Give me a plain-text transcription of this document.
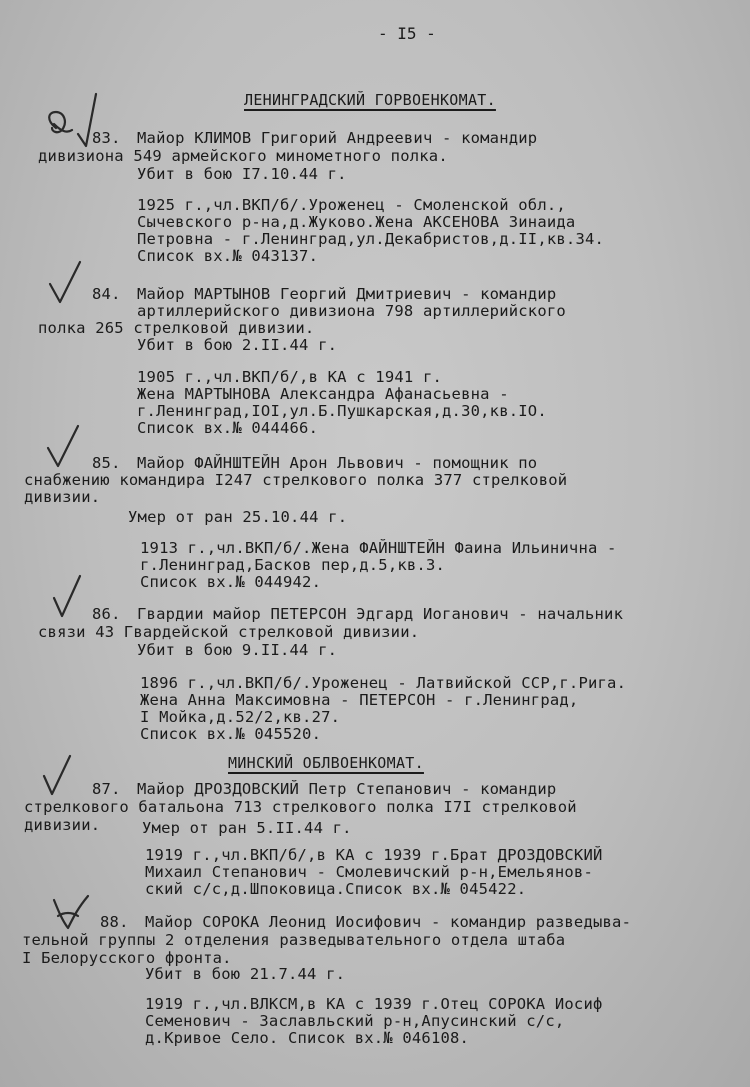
- I5 -
ЛЕНИНГРАДСКИЙ ГОРВОЕНКОМАТ.
83. Майор КЛИМОВ Григорий Андреевич - командир
дивизиона 549 армейского минометного полка.
Убит в бою I7.10.44 г.
1925 г.,чл.ВКП/б/.Уроженец - Смоленской обл.,
Сычевского р-на,д.Жуково.Жена АКСЕНОВА Зинаида
Петровна - г.Ленинград,ул.Декабристов,д.II,кв.34.
Список вх.№ 043137.
84. Майор МАРТЫНОВ Георгий Дмитриевич - командир
артиллерийского дивизиона 798 артиллерийского
полка 265 стрелковой дивизии.
Убит в бою 2.II.44 г.
1905 г.,чл.ВКП/б/,в КА с 1941 г.
Жена МАРТЫНОВА Александра Афанасьевна -
г.Ленинград,IOI,ул.Б.Пушкарская,д.30,кв.IO.
Список вх.№ 044466.
85. Майор ФАЙНШТЕЙН Арон Львович - помощник по
снабжению командира I247 стрелкового полка 377 стрелковой
дивизии.
Умер от ран 25.10.44 г.
1913 г.,чл.ВКП/б/.Жена ФАЙНШТЕЙН Фаина Ильинична -
г.Ленинград,Басков пер,д.5,кв.3.
Список вх.№ 044942.
86. Гвардии майор ПЕТЕРСОН Эдгард Иоганович - начальник
связи 43 Гвардейской стрелковой дивизии.
Убит в бою 9.II.44 г.
1896 г.,чл.ВКП/б/.Уроженец - Латвийской ССР,г.Рига.
Жена Анна Максимовна - ПЕТЕРСОН - г.Ленинград,
I Мойка,д.52/2,кв.27.
Список вх.№ 045520.
МИНСКИЙ ОБЛВОЕНКОМАТ.
87. Майор ДРОЗДОВСКИЙ Петр Степанович - командир
стрелкового батальона 713 стрелкового полка I7I стрелковой
дивизии.	Умер от ран 5.II.44 г.
1919 г.,чл.ВКП/б/,в КА с 1939 г.Брат ДРОЗДОВСКИЙ
Михаил Степанович - Смолевичский р-н,Емельянов-
ский с/с,д.Шпоковица.Список вх.№ 045422.
88. Майор СОРОКА Леонид Иосифович - командир разведыва-
тельной группы 2 отделения разведывательного отдела штаба
I Белорусского фронта.
Убит в бою 21.7.44 г.
1919 г.,чл.ВЛКСМ,в КА с 1939 г.Отец СОРОКА Иосиф
Семенович - Заславльский р-н,Апусинский с/с,
д.Кривое Село. Список вх.№ 046108.
